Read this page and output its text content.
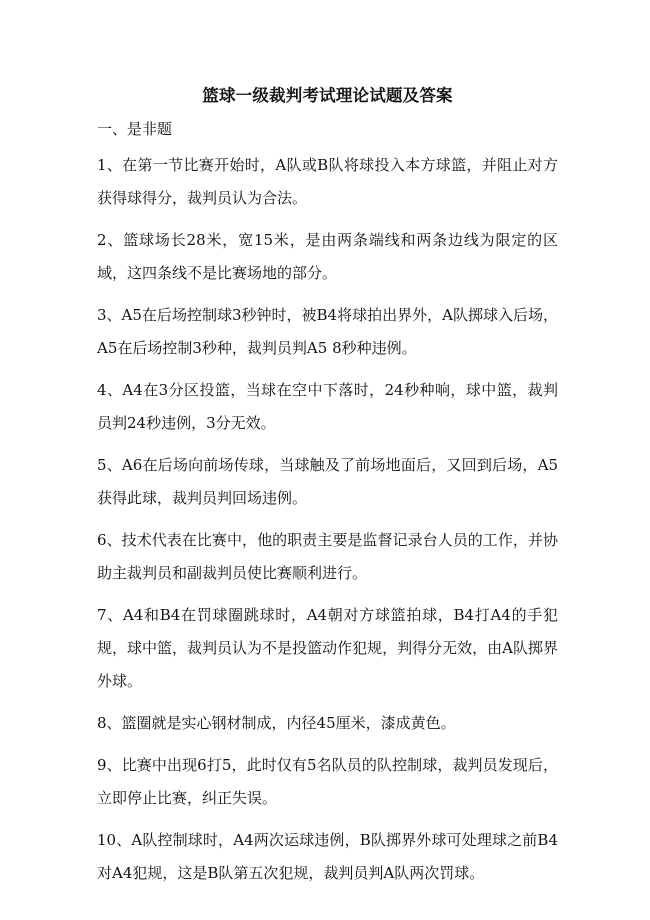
篮球一级裁判考试理论试题及答案

一、是非题

1、在第一节比赛开始时，A队或B队将球投入本方球篮，并阻止对方获得球得分，裁判员认为合法。
2、篮球场长28米，宽15米，是由两条端线和两条边线为限定的区域，这四条线不是比赛场地的部分。
3、A5在后场控制球3秒钟时，被B4将球拍出界外，A队掷球入后场，A5在后场控制3秒种，裁判员判A5 8秒种违例。
4、A4在3分区投篮，当球在空中下落时，24秒种响，球中篮，裁判员判24秒违例，3分无效。
5、A6在后场向前场传球，当球触及了前场地面后，又回到后场，A5获得此球，裁判员判回场违例。
6、技术代表在比赛中，他的职责主要是监督记录台人员的工作，并协助主裁判员和副裁判员使比赛顺利进行。
7、A4和B4在罚球圈跳球时，A4朝对方球篮拍球，B4打A4的手犯规，球中篮，裁判员认为不是投篮动作犯规，判得分无效，由A队掷界外球。
8、篮圈就是实心钢材制成，内径45厘米，漆成黄色。
9、比赛中出现6打5，此时仅有5名队员的队控制球，裁判员发现后，立即停止比赛，纠正失误。
10、A队控制球时，A4两次运球违例，B队掷界外球可处理球之前B4对A4犯规，这是B队第五次犯规，裁判员判A队两次罚球。
